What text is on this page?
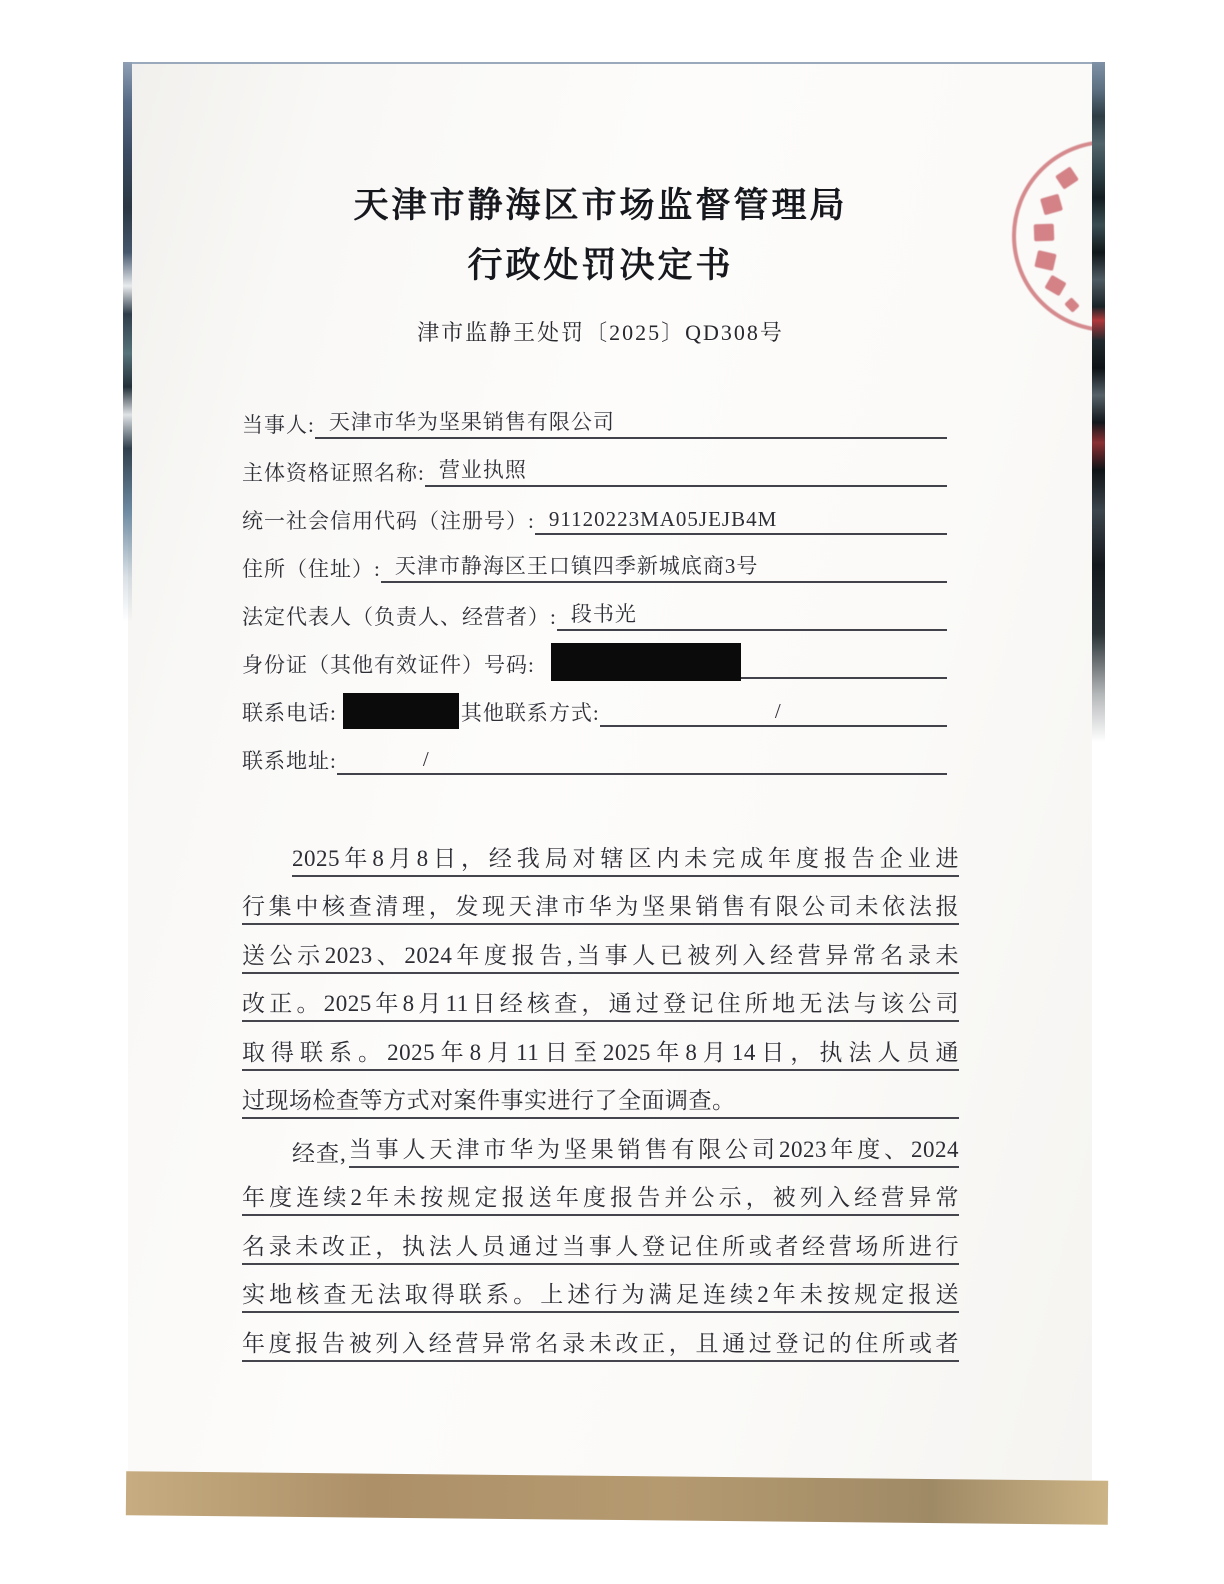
天津市静海区市场监督管理局
行政处罚决定书
津市监静王处罚〔2025〕QD308号
当事人: 天津市华为坚果销售有限公司
主体资格证照名称: 营业执照
统一社会信用代码（注册号）: 91120223MA05JEJB4M
住所（住址）: 天津市静海区王口镇四季新城底商3号
法定代表人（负责人、经营者）: 段书光
身份证（其他有效证件）号码:
联系电话:	其他联系方式:	/
联系地址:	/
2025年8月8日，经我局对辖区内未完成年度报告企业进
行集中核查清理，发现天津市华为坚果销售有限公司未依法报
送公示2023、2024年度报告,当事人已被列入经营异常名录未
改正。2025年8月11日经核查，通过登记住所地无法与该公司
取得联系。2025年8月11日至2025年8月14日，执法人员通
过现场检查等方式对案件事实进行了全面调查。
经查, 当事人天津市华为坚果销售有限公司2023年度、2024
年度连续2年未按规定报送年度报告并公示，被列入经营异常
名录未改正，执法人员通过当事人登记住所或者经营场所进行
实地核查无法取得联系。上述行为满足连续2年未按规定报送
年度报告被列入经营异常名录未改正，且通过登记的住所或者
